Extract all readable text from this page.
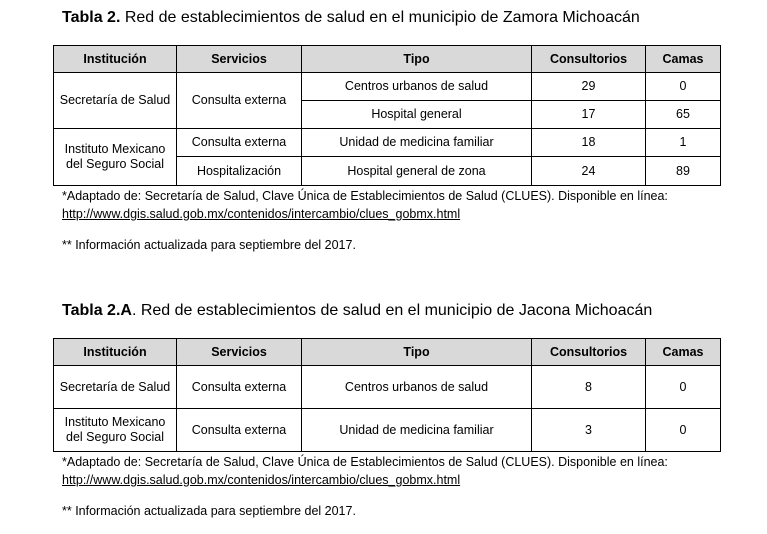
Tabla 2. Red de establecimientos de salud en el municipio de Zamora Michoacán
Institución	Servicios	Tipo	Consultorios	Camas
Secretaría de Salud	Consulta externa	Centros urbanos de salud	29	0
		Hospital general	17	65
Instituto Mexicano del Seguro Social	Consulta externa	Unidad de medicina familiar	18	1
	Hospitalización	Hospital general de zona	24	89
*Adaptado de: Secretaría de Salud, Clave Única de Establecimientos de Salud (CLUES). Disponible en línea:
http://www.dgis.salud.gob.mx/contenidos/intercambio/clues_gobmx.html
** Información actualizada para septiembre del 2017.
Tabla 2.A. Red de establecimientos de salud en el municipio de Jacona Michoacán
Institución	Servicios	Tipo	Consultorios	Camas
Secretaría de Salud	Consulta externa	Centros urbanos de salud	8	0
Instituto Mexicano del Seguro Social	Consulta externa	Unidad de medicina familiar	3	0
*Adaptado de: Secretaría de Salud, Clave Única de Establecimientos de Salud (CLUES). Disponible en línea:
http://www.dgis.salud.gob.mx/contenidos/intercambio/clues_gobmx.html
** Información actualizada para septiembre del 2017.
